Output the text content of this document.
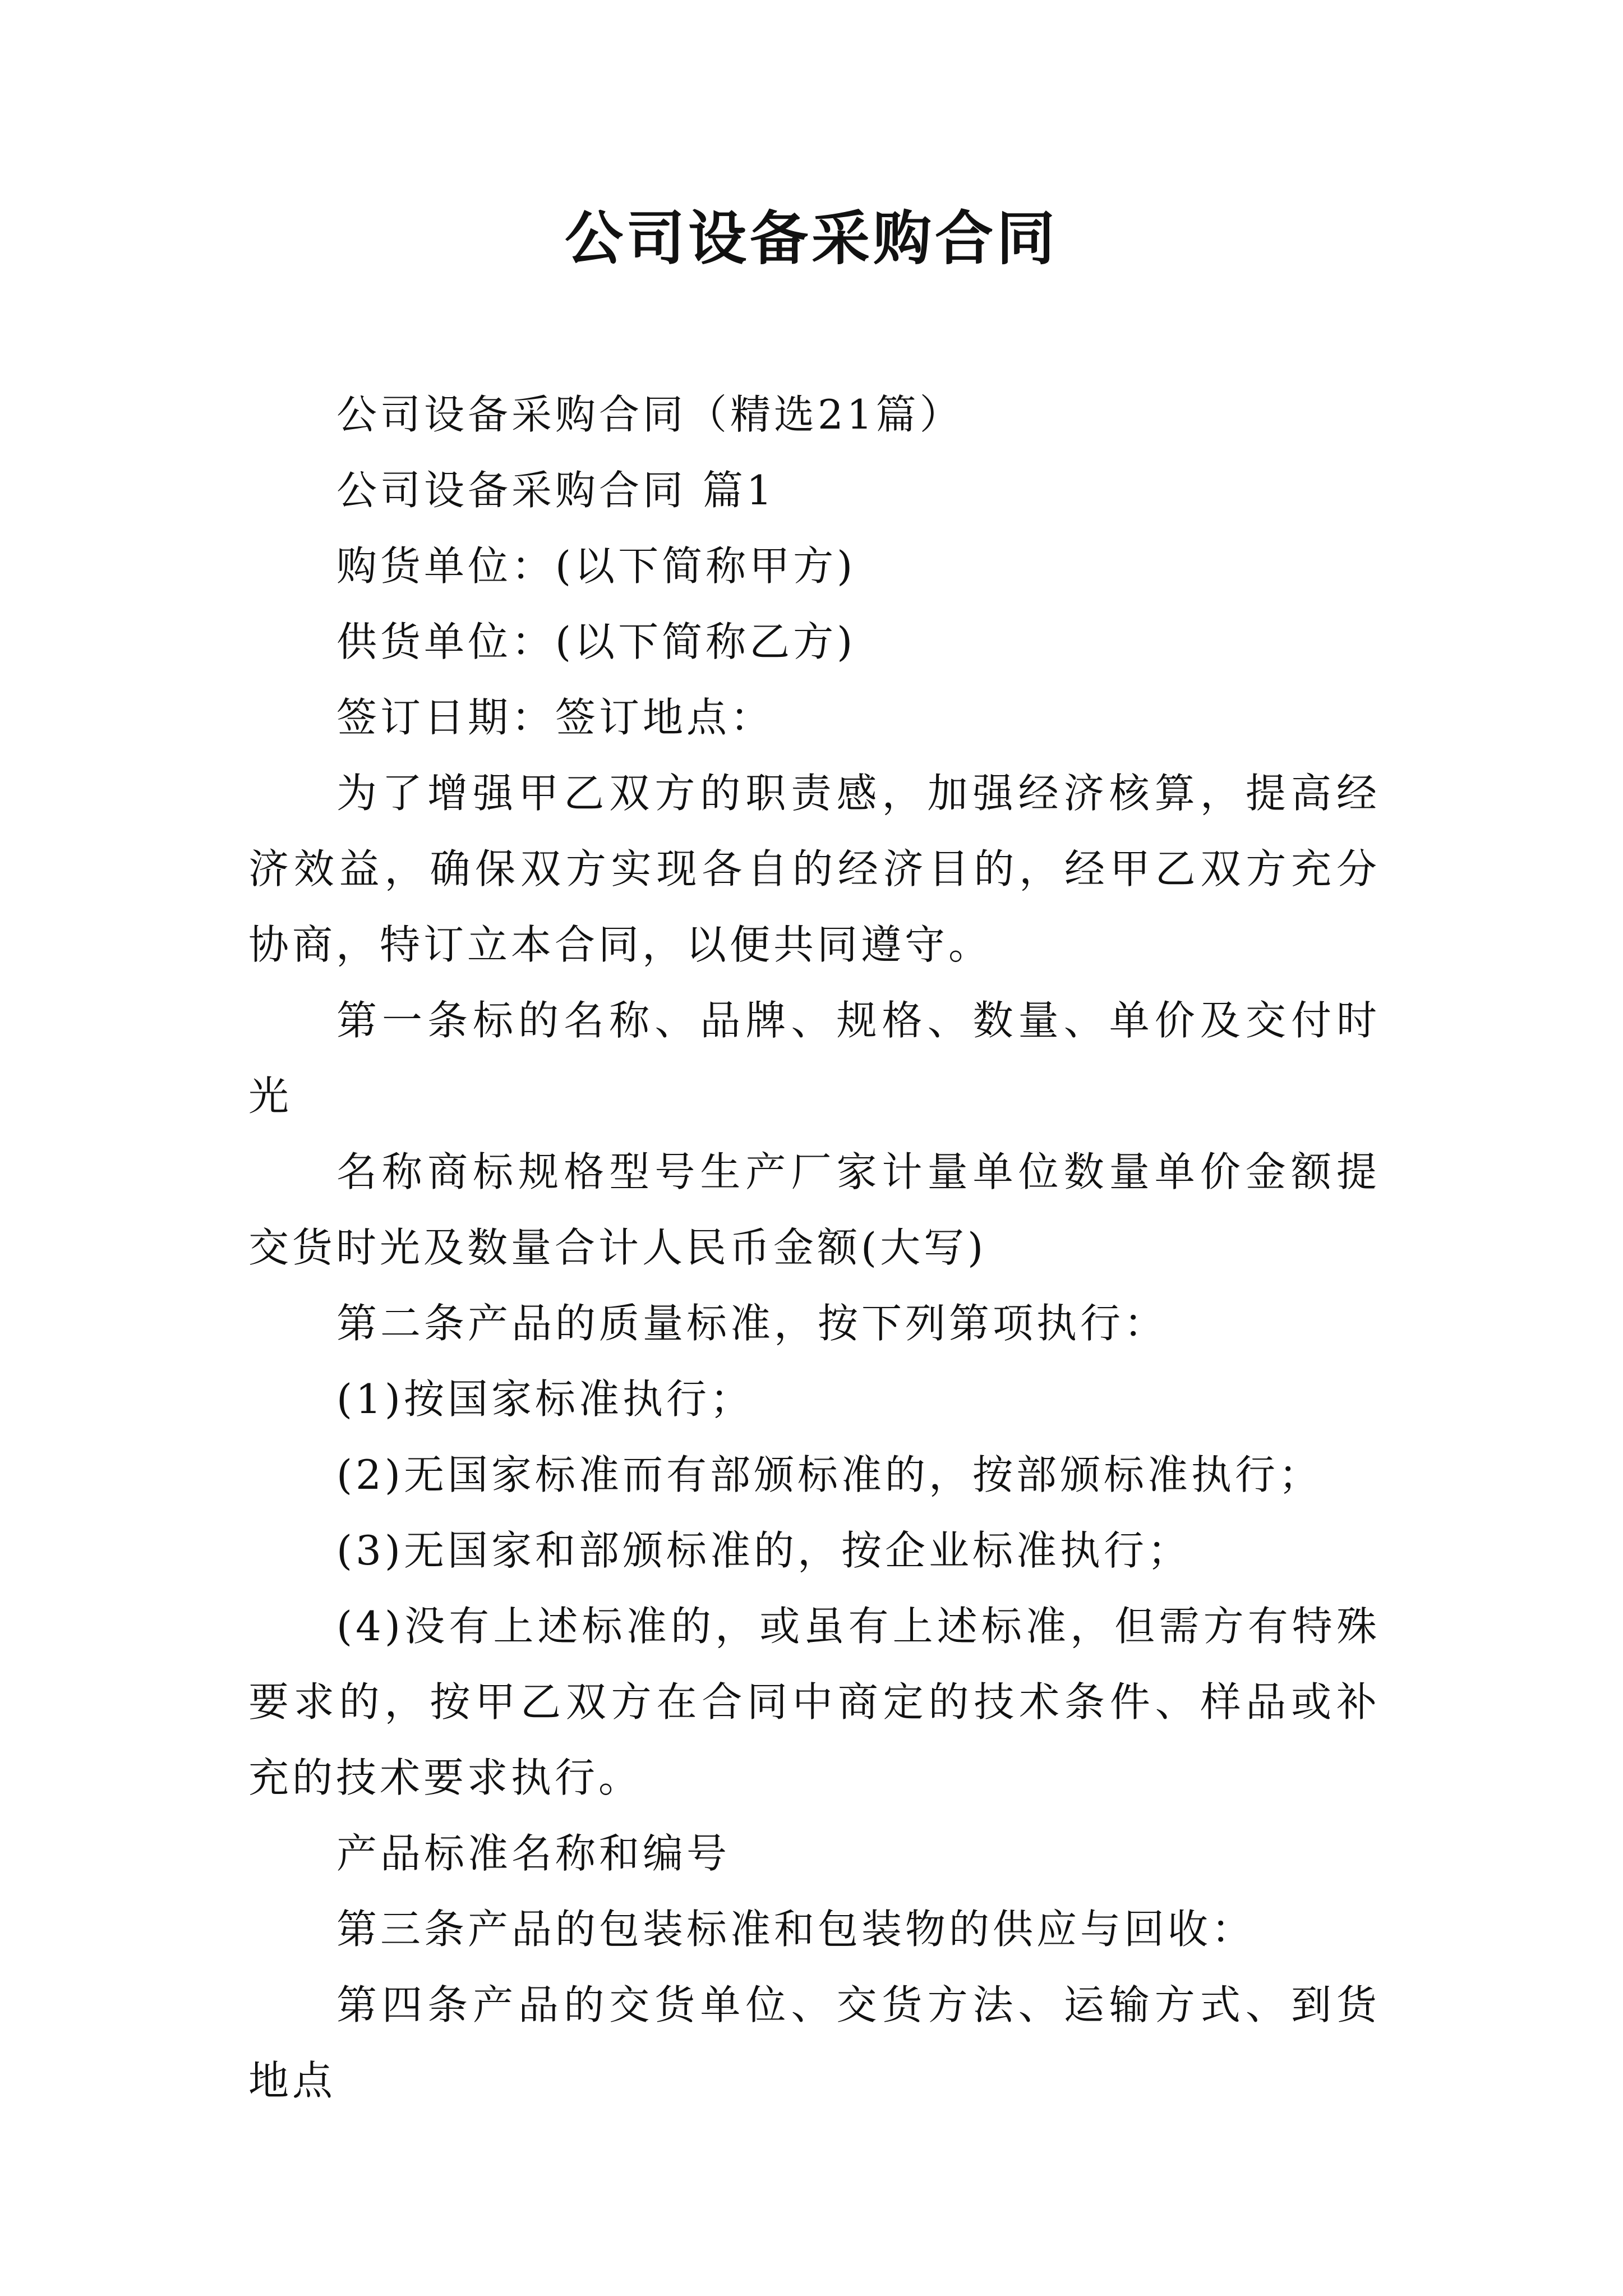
公司设备采购合同

公司设备采购合同（精选21篇）

公司设备采购合同 篇1

购货单位：(以下简称甲方)

供货单位：(以下简称乙方)

签订日期：签订地点：

为了增强甲乙双方的职责感，加强经济核算，提高经济效益，确保双方实现各自的经济目的，经甲乙双方充分协商，特订立本合同，以便共同遵守。

第一条标的名称、品牌、规格、数量、单价及交付时光

名称商标规格型号生产厂家计量单位数量单价金额提交货时光及数量合计人民币金额(大写)

第二条产品的质量标准，按下列第项执行：

(1)按国家标准执行；

(2)无国家标准而有部颁标准的，按部颁标准执行；

(3)无国家和部颁标准的，按企业标准执行；

(4)没有上述标准的，或虽有上述标准，但需方有特殊要求的，按甲乙双方在合同中商定的技术条件、样品或补充的技术要求执行。

产品标准名称和编号

第三条产品的包装标准和包装物的供应与回收：

第四条产品的交货单位、交货方法、运输方式、到货地点
